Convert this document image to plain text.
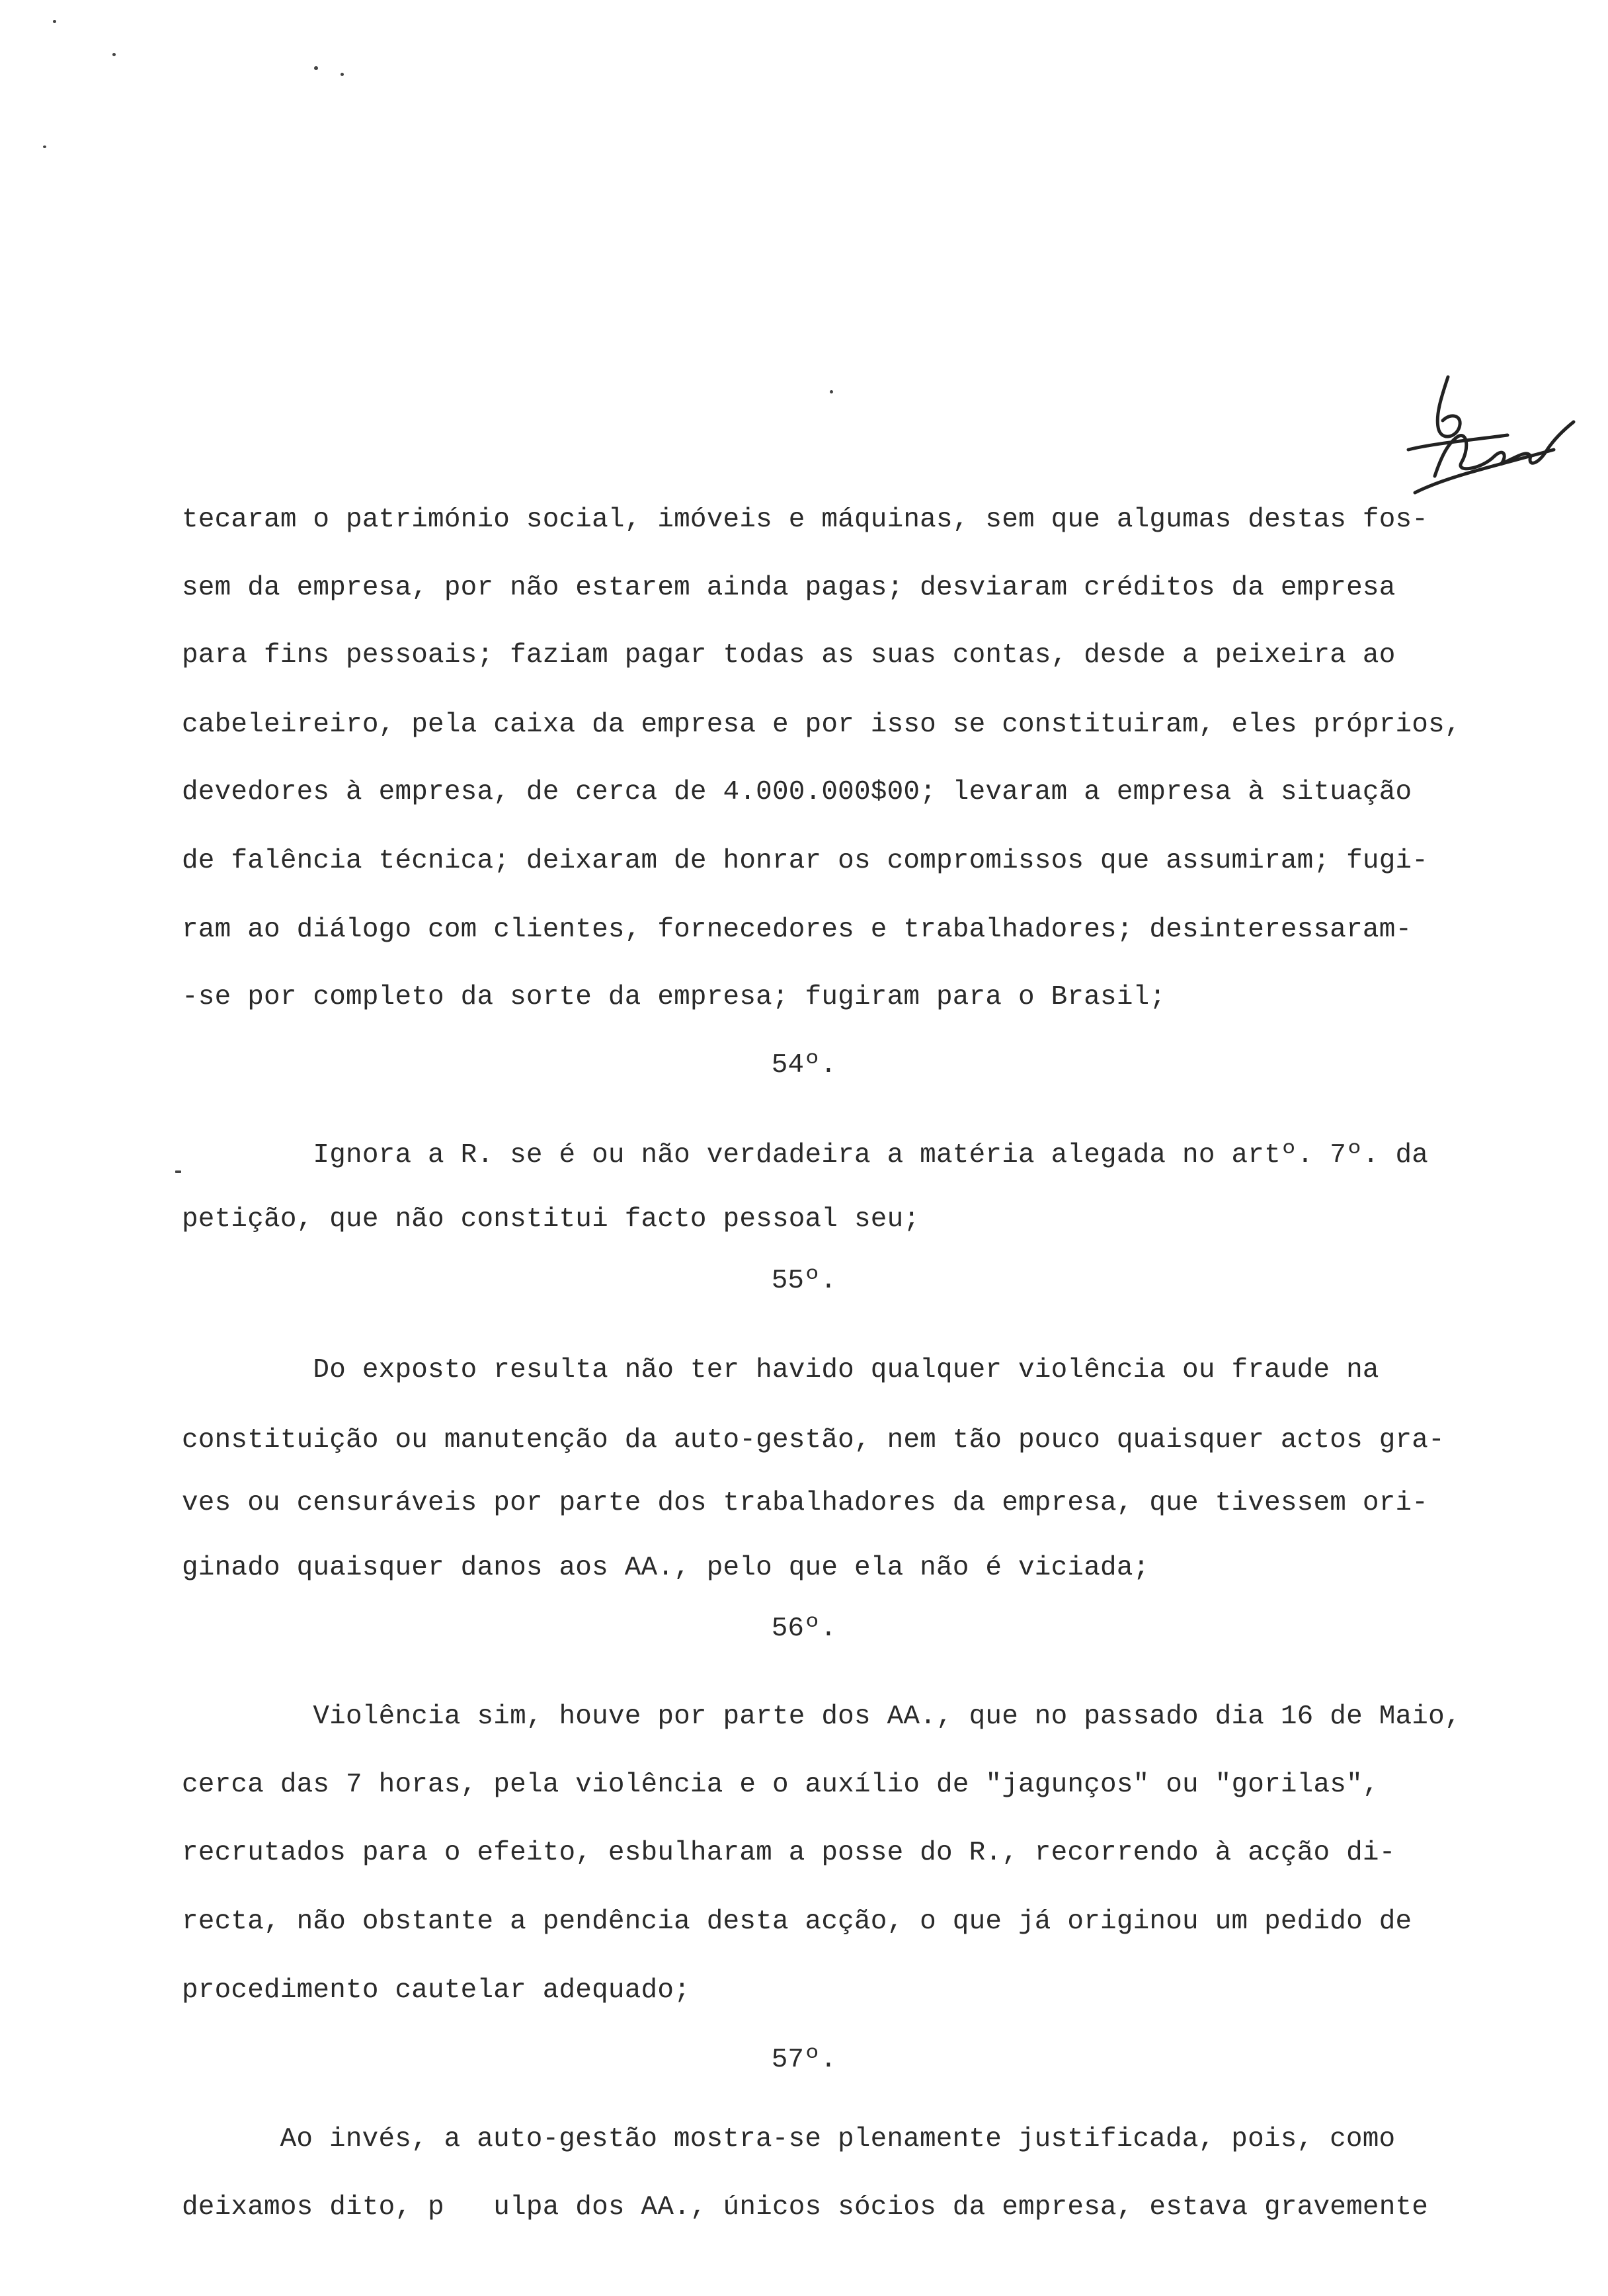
tecaram o património social, imóveis e máquinas, sem que algumas destas fos-
sem da empresa, por não estarem ainda pagas; desviaram créditos da empresa
para fins pessoais; faziam pagar todas as suas contas, desde a peixeira ao
cabeleireiro, pela caixa da empresa e por isso se constituiram, eles próprios,
devedores à empresa, de cerca de 4.000.000$00; levaram a empresa à situação
de falência técnica; deixaram de honrar os compromissos que assumiram; fugi-
ram ao diálogo com clientes, fornecedores e trabalhadores; desinteressaram-
-se por completo da sorte da empresa; fugiram para o Brasil;
54º.
Ignora a R. se é ou não verdadeira a matéria alegada no artº. 7º. da
petição, que não constitui facto pessoal seu;
55º.
Do exposto resulta não ter havido qualquer violência ou fraude na
constituição ou manutenção da auto-gestão, nem tão pouco quaisquer actos gra-
ves ou censuráveis por parte dos trabalhadores da empresa, que tivessem ori-
ginado quaisquer danos aos AA., pelo que ela não é viciada;
56º.
Violência sim, houve por parte dos AA., que no passado dia 16 de Maio,
cerca das 7 horas, pela violência e o auxílio de "jagunços" ou "gorilas",
recrutados para o efeito, esbulharam a posse do R., recorrendo à acção di-
recta, não obstante a pendência desta acção, o que já originou um pedido de
procedimento cautelar adequado;
57º.
Ao invés, a auto-gestão mostra-se plenamente justificada, pois, como
deixamos dito, p   ulpa dos AA., únicos sócios da empresa, estava gravemente
